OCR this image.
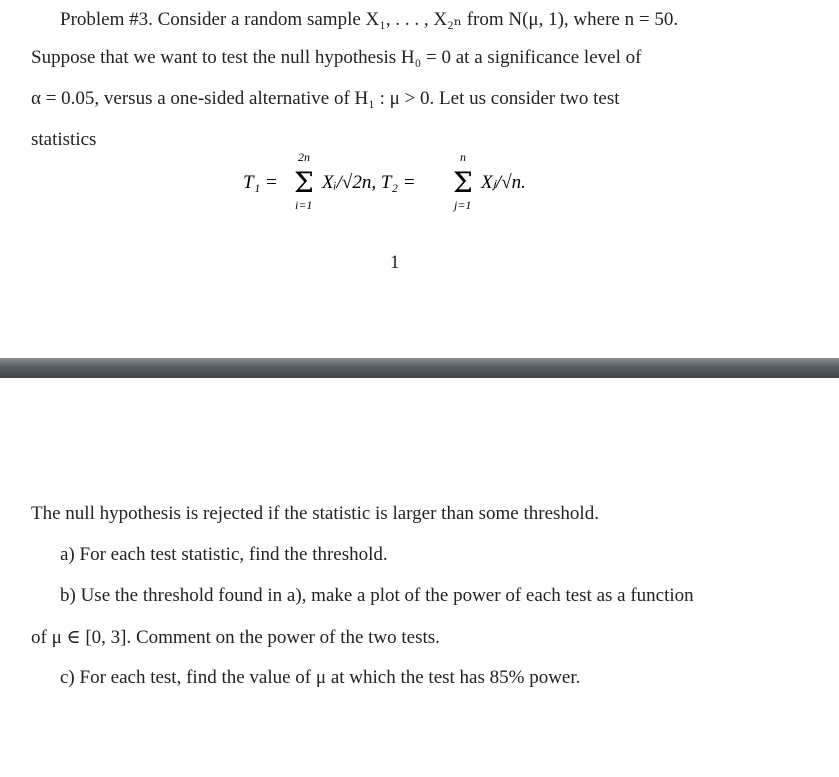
Problem #3. Consider a random sample X₁, . . . , X₂ₙ from N(μ, 1), where n = 50.
Suppose that we want to test the null hypothesis H₀ = 0 at a significance level of
α = 0.05, versus a one-sided alternative of H₁ : μ > 0. Let us consider two test
statistics
T₁ =
2n
Σ
i=1
Xᵢ/√2n, T₂ =
n
Σ
j=1
Xⱼ/√n.
1
The null hypothesis is rejected if the statistic is larger than some threshold.
a) For each test statistic, find the threshold.
b) Use the threshold found in a), make a plot of the power of each test as a function
of μ ∈ [0, 3]. Comment on the power of the two tests.
c) For each test, find the value of μ at which the test has 85% power.
